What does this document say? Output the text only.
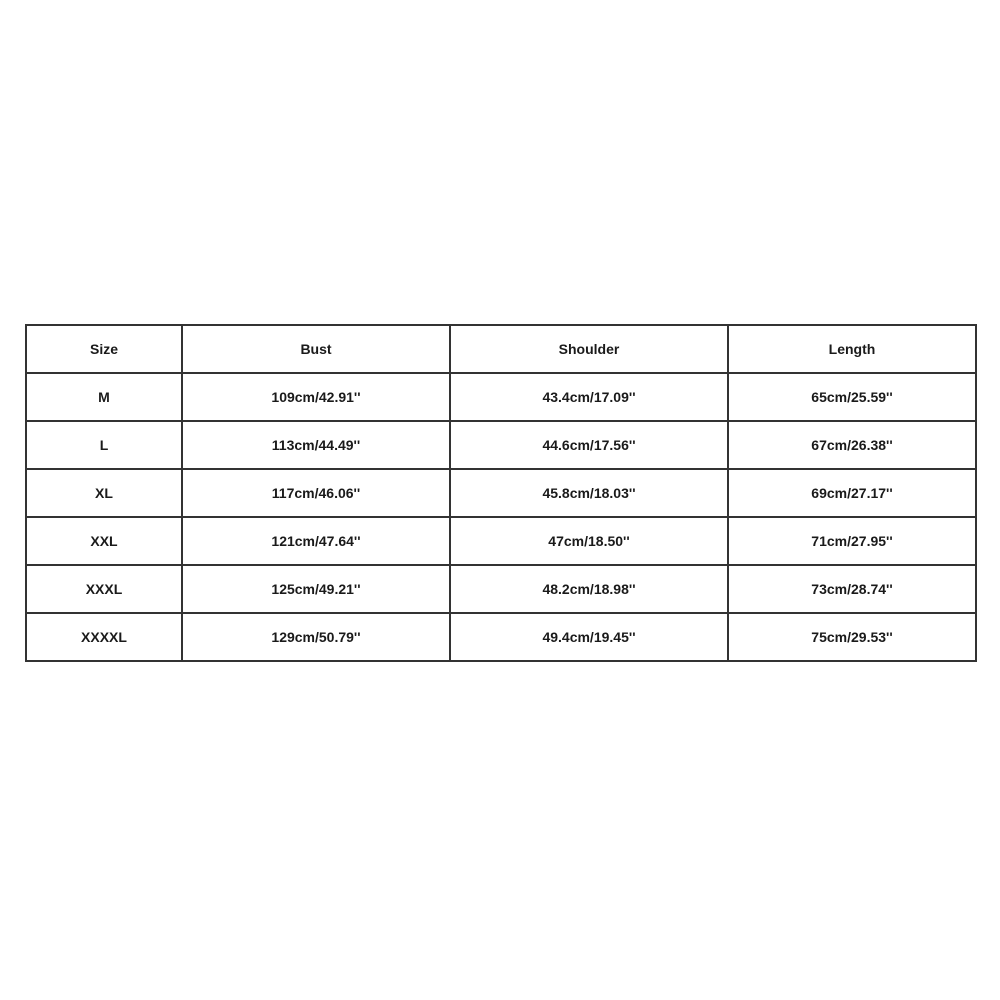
Size	Bust	Shoulder	Length
M	109cm/42.91''	43.4cm/17.09''	65cm/25.59''
L	113cm/44.49''	44.6cm/17.56''	67cm/26.38''
XL	117cm/46.06''	45.8cm/18.03''	69cm/27.17''
XXL	121cm/47.64''	47cm/18.50''	71cm/27.95''
XXXL	125cm/49.21''	48.2cm/18.98''	73cm/28.74''
XXXXL	129cm/50.79''	49.4cm/19.45''	75cm/29.53''
